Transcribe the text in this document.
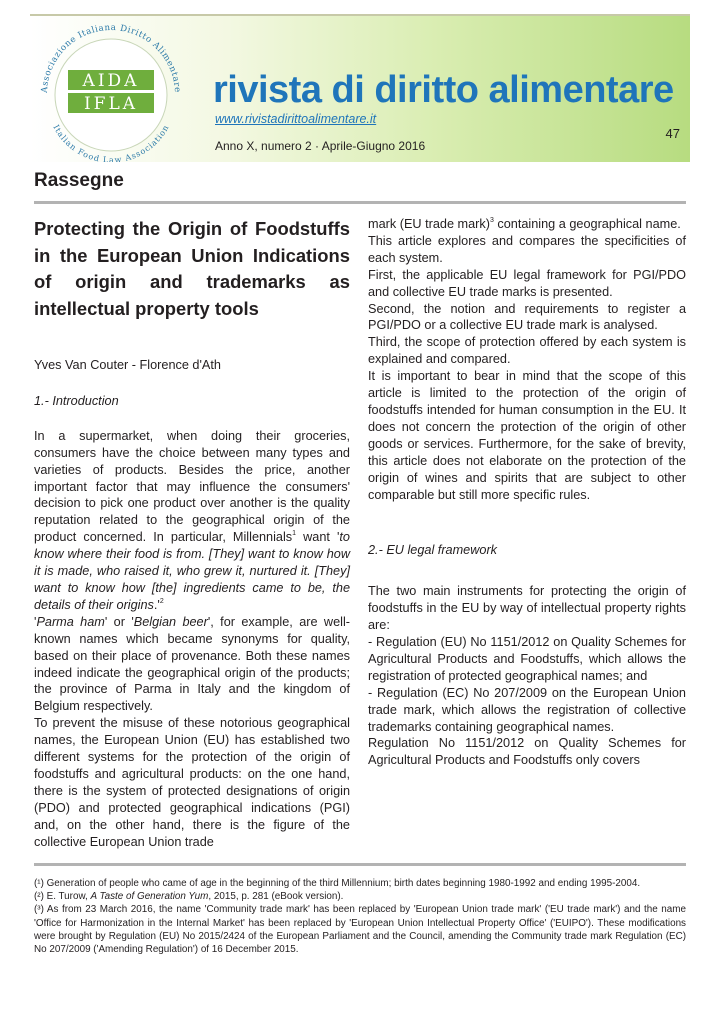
Associazione Italiana Diritto Alimentare
Italian Food Law Association
AIDA
IFLA rivista di diritto alimentare
www.rivistadirittoalimentare.it
47
Anno X, numero 2 · Aprile-Giugno 2016
Rassegne
Protecting the Origin of Foodstuffs in the European Union Indications of origin and trademarks as intellectual property tools

Yves Van Couter - Florence d'Ath

1.- Introduction

In a supermarket, when doing their groceries, consumers have the choice between many types and varieties of products. Besides the price, another important factor that may influence the consumers' decision to pick one product over another is the quality reputation related to the geographical origin of the product concerned. In particular, Millennials$^1$ want 'to know where their food is from. [They] want to know how it is made, who raised it, who grew it, nurtured it. [They] want to know how [the] ingredients came to be, the details of their $origins.'^2$

'Parma ham' or 'Belgian beer', for example, are well-known names which became synonyms for quality, based on their place of provenance. Both these names indeed indicate the geographical origin of the products; the province of Parma in Italy and the kingdom of Belgium respectively.

To prevent the misuse of these notorious geographical names, the European Union (EU) has established two different systems for the protection of the origin of foodstuffs and agricultural products: on the one hand, there is the system of protected designations of origin (PDO) and protected geographical indications (PGI) and, on the other hand, there is the figure of the collective European Union trade

mark (EU trade mark)$^3$ containing a geographical name.

This article explores and compares the specificities of each system.

First, the applicable EU legal framework for PGI/PDO and collective EU trade marks is presented.

Second, the notion and requirements to register a PGI/PDO or a collective EU trade mark is analysed.

Third, the scope of protection offered by each system is explained and compared.

It is important to bear in mind that the scope of this article is limited to the protection of the origin of foodstuffs intended for human consumption in the EU. It does not concern the protection of the origin of other goods or services. Furthermore, for the sake of brevity, this article does not elaborate on the protection of the origin of wines and spirits that are subject to other comparable but still more specific rules.

2.- EU legal framework

The two main instruments for protecting the origin of foodstuffs in the EU by way of intellectual property rights are:

- Regulation (EU) No 1151/2012 on Quality Schemes for Agricultural Products and Foodstuffs, which allows the registration of protected geographical names; and

- Regulation (EC) No 207/2009 on the European Union trade mark, which allows the registration of collective trademarks containing geographical names.

Regulation No 1151/2012 on Quality Schemes for Agricultural Products and Foodstuffs only covers

(¹) Generation of people who came of age in the beginning of the third Millennium; birth dates beginning 1980-1992 and ending 1995-2004.

(²) E. Turow, A Taste of Generation Yum, 2015, p. 281 (eBook version).

(³) As from 23 March 2016, the name 'Community trade mark' has been replaced by 'European Union trade mark' ('EU trade mark') and the name 'Office for Harmonization in the Internal Market' has been replaced by 'European Union Intellectual Property Office' ('EUIPO'). These modifications were brought by Regulation (EU) No 2015/2424 of the European Parliament and the Council, amending the Community trade mark Regulation (EC) No 207/2009 ('Amending Regulation') of 16 December 2015.
